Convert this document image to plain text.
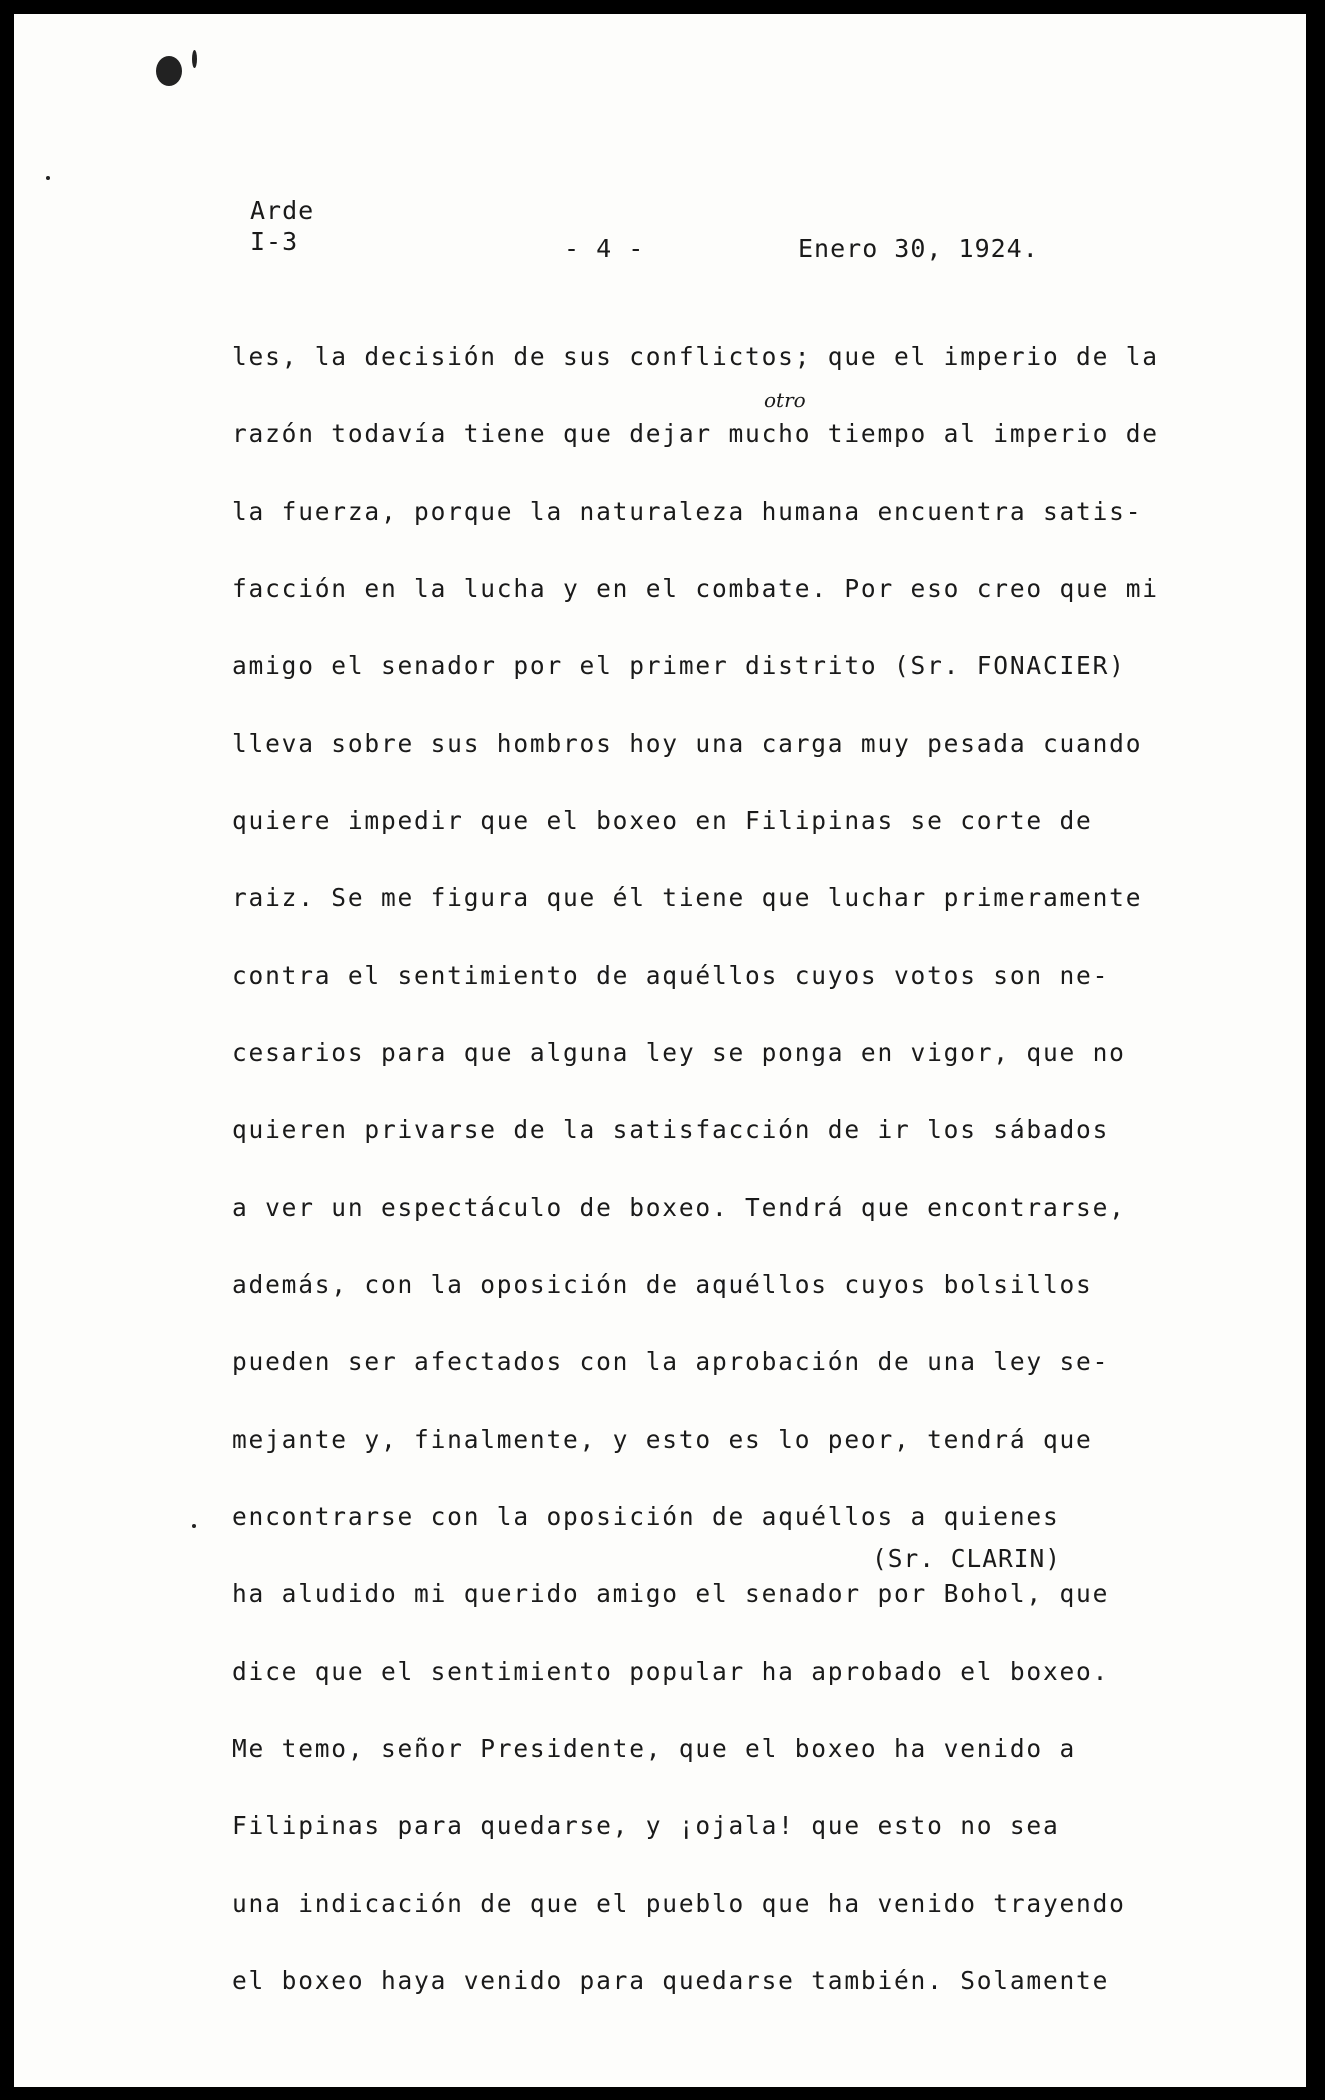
Arde
I-3	- 4 -	Enero 30, 1924.
les, la decisión de sus conflictos; que el imperio de la
otro
razón todavía tiene que dejar mucho tiempo al imperio de
la fuerza, porque la naturaleza humana encuentra satis-
facción en la lucha y en el combate. Por eso creo que mi
amigo el senador por el primer distrito (Sr. FONACIER)
lleva sobre sus hombros hoy una carga muy pesada cuando
quiere impedir que el boxeo en Filipinas se corte de
raiz. Se me figura que él tiene que luchar primeramente
contra el sentimiento de aquéllos cuyos votos son ne-
cesarios para que alguna ley se ponga en vigor, que no
quieren privarse de la satisfacción de ir los sábados
a ver un espectáculo de boxeo. Tendrá que encontrarse,
además, con la oposición de aquéllos cuyos bolsillos
pueden ser afectados con la aprobación de una ley se-
mejante y, finalmente, y esto es lo peor, tendrá que
encontrarse con la oposición de aquéllos a quienes
(Sr. CLARIN)
ha aludido mi querido amigo el senador por Bohol, que
dice que el sentimiento popular ha aprobado el boxeo.
Me temo, señor Presidente, que el boxeo ha venido a
Filipinas para quedarse, y ¡ojala! que esto no sea
una indicación de que el pueblo que ha venido trayendo
el boxeo haya venido para quedarse también. Solamente
